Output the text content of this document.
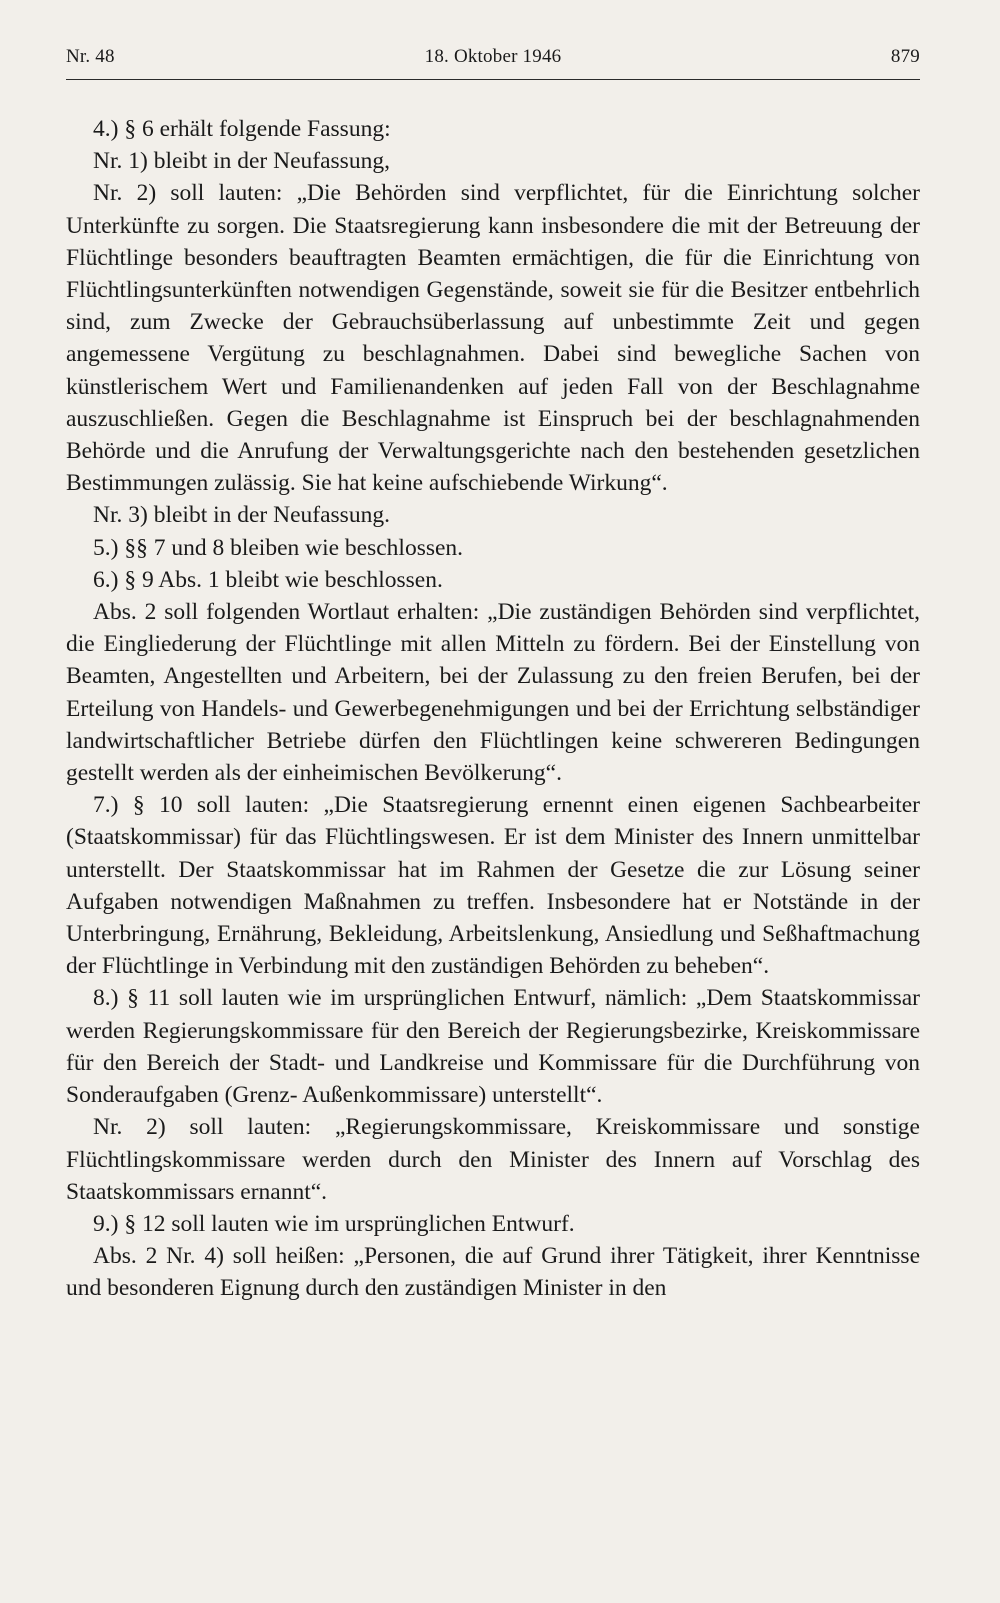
Nr. 48	18. Oktober 1946	879

4.) § 6 erhält folgende Fassung:

Nr. 1) bleibt in der Neufassung,

Nr. 2) soll lauten: „Die Behörden sind verpflichtet, für die Einrichtung solcher Unterkünfte zu sorgen. Die Staatsregierung kann insbesondere die mit der Betreuung der Flüchtlinge besonders beauftragten Beamten ermächtigen, die für die Einrichtung von Flüchtlingsunterkünften notwendigen Gegenstände, soweit sie für die Besitzer entbehrlich sind, zum Zwecke der Gebrauchsüberlassung auf unbestimmte Zeit und gegen angemessene Vergütung zu beschlagnahmen. Dabei sind bewegliche Sachen von künstlerischem Wert und Familienandenken auf jeden Fall von der Beschlagnahme auszuschließen. Gegen die Beschlagnahme ist Einspruch bei der beschlagnahmenden Behörde und die Anrufung der Verwaltungsgerichte nach den bestehenden gesetzlichen Bestimmungen zulässig. Sie hat keine aufschiebende Wirkung“.

Nr. 3) bleibt in der Neufassung.

5.) §§ 7 und 8 bleiben wie beschlossen.

6.) § 9 Abs. 1 bleibt wie beschlossen.

Abs. 2 soll folgenden Wortlaut erhalten: „Die zuständigen Behörden sind verpflichtet, die Eingliederung der Flüchtlinge mit allen Mitteln zu fördern. Bei der Einstellung von Beamten, Angestellten und Arbeitern, bei der Zulassung zu den freien Berufen, bei der Erteilung von Handels- und Gewerbegenehmigungen und bei der Errichtung selbständiger landwirtschaftlicher Betriebe dürfen den Flüchtlingen keine schwereren Bedingungen gestellt werden als der einheimischen Bevölkerung“.

7.) § 10 soll lauten: „Die Staatsregierung ernennt einen eigenen Sachbearbeiter (Staatskommissar) für das Flüchtlingswesen. Er ist dem Minister des Innern unmittelbar unterstellt. Der Staatskommissar hat im Rahmen der Gesetze die zur Lösung seiner Aufgaben notwendigen Maßnahmen zu treffen. Insbesondere hat er Notstände in der Unterbringung, Ernährung, Bekleidung, Arbeitslenkung, Ansiedlung und Seßhaftmachung der Flüchtlinge in Verbindung mit den zuständigen Behörden zu beheben“.

8.) § 11 soll lauten wie im ursprünglichen Entwurf, nämlich: „Dem Staatskommissar werden Regierungskommissare für den Bereich der Regierungsbezirke, Kreiskommissare für den Bereich der Stadt- und Landkreise und Kommissare für die Durchführung von Sonderaufgaben (Grenz- Außenkommissare) unterstellt“.

Nr. 2) soll lauten: „Regierungskommissare, Kreiskommissare und sonstige Flüchtlingskommissare werden durch den Minister des Innern auf Vorschlag des Staatskommissars ernannt“.

9.) § 12 soll lauten wie im ursprünglichen Entwurf.

Abs. 2 Nr. 4) soll heißen: „Personen, die auf Grund ihrer Tätigkeit, ihrer Kenntnisse und besonderen Eignung durch den zuständigen Minister in den
